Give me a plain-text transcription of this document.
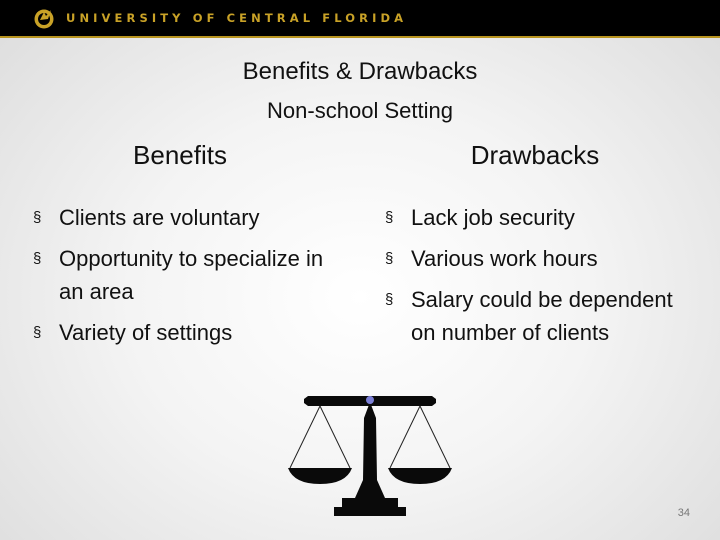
UNIVERSITY OF CENTRAL FLORIDA
Benefits & Drawbacks
Non-school Setting
Benefits	Drawbacks
§ Clients are voluntary
§ Opportunity to specialize in an area
§ Variety of settings
§ Lack job security
§ Various work hours
§ Salary could be dependent on number of clients
34
